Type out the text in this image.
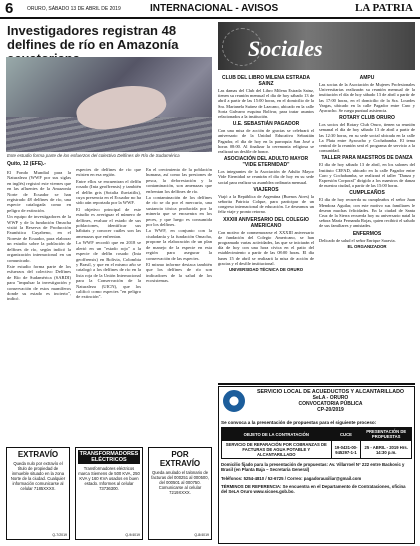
6	ORURO, SÁBADO 13 DE ABRIL DE 2019	INTERNACIONAL - AVISOS	LA PATRIA
Investigadores registran 48 delfines de río en Amazonía
Este estudio forma parte de los esfuerzos del colectivo Delfines de Río de Sudamérica
Quito, 12 (EFE).-

El Fondo Mundial para la Naturaleza (WWF por sus siglas en inglés) registró este viernes que en las afluentes de la Amazonía Norte de Ecuador se han registrado 48 delfines de río, una especie catalogada como en peligro de extinción.

Un equipo de investigadores de la WWF y de la fundación Omacha visitó la Reserva de Producción Faunística Cuyabeno, en el Noreste de Ecuador, para elaborar un estudio sobre la población de delfines de río, según indicó la organización internacional en un comunicado.

Este estudio forma parte de los esfuerzos del colectivo Delfines de Río de Sudamérica (SARDI) para "impulsar la investigación y conservación de estos mamíferos donde su estado es incierto", indicó.

especies de delfines de río que existen en esa región.

Entre ellos se encuentran el delfín rosado (Inia geoffrensis) y también el delfín gris (Sotalia fluviatilis), cuya presencia en el Ecuador no ha sido aún reportada por la WWF.

El objetivo principal de este estudio es averiguar el número de delfines, evaluar el estado de sus poblaciones, identificar sus hábitats y conocer cuáles son las amenazas que enfrentan.

La WWF recordó que en 2018 se alertó en un "estado rojo" a la especie de delfín rosado (Inia geoffrensis) en Bolivia, Colombia y Brasil, y que en el mismo año se catalogó a los delfines de río en la lista roja de la Unión Internacional para la Conservación de la Naturaleza (UICN), que los calificó como especies "en peligro de extinción".

En el crecimiento de la población humana, así como las presiones de pesca, la deforestación y la contaminación, son amenazas que enfrentan los delfines de río.

La contaminación de los delfines de río se da por el mercurio, una sustancia tóxica producida por la minería que se encuentra en los peces, y que luego es consumida por los delfines.

La WWF, en conjunto con la ciudadanía y la fundación Omacha, propone la elaboración de un plan de manejo de la especie en esta región para asegurar la conservación de las especies.

El mismo informe destaca también que los delfines de río son indicadores de la salud de los ecosistemas.

EXTRAVÍO
Queda nulo por extravío el título de propiedad de inmueble situado en la zona Norte de la ciudad. Cualquier información comunicarse al celular 7185XXXX.
Q-7/2019
TRANSFORMADORES ELÉCTRICOS
Transformadores eléctricos marca Siemens de 500 KVA, 250 KVA y 160 KVA usados en buen estado. Informes al celular 73736300.
Q-9/4019
POR EXTRAVÍO
Queda anulado el talonario de facturas del 000251 al 000500, del 000501 al 000750. Comunicarse al celular 7219XXXX.
Q-8/4019
Sociales
CLUB DEL LIBRO MILENA ESTRADA SAINZ
Las damas del Club del Libro Milena Estrada Sainz, tienen su reunión mensual el día de hoy sábado 13 de abril a partir de las 15:00 horas, en el domicilio de la Sra. Marianela Suárez de Lazcano, ubicado en la calle Soria Galvarro esquina Bolívar, para tratar asuntos relacionados a la institución.
U.E. SEBASTIÁN PAGADOR
Con una misa de acción de gracias se celebrará el aniversario de la Unidad Educativa Sebastián Pagador, el día de hoy en la parroquia San José a horas 08:00. Al finalizar la ceremonia religiosa se realizará un desfile de honor.
ASOCIACIÓN DEL ADULTO MAYOR "VIDE ETERNIDAD"
Los integrantes de la Asociación de Adulto Mayor Vide Eternidad se reunirán el día de hoy en su sede social para realizar su asamblea ordinaria mensual.
VIAJEROS
Viajó a la República de Argentina (Buenos Aires) la señorita Patricia Colque, para participar de un congreso internacional de educación. Le deseamos un feliz viaje y pronto retorno.
XXXIII ANIVERSARIO DEL COLEGIO AMERICANO
Con motivo de conmemorarse el XXXIII aniversario de fundación del Colegio Americano, se han programado varias actividades, las que se iniciarán el día de hoy con una hora cívica en el patio del establecimiento a partir de las 08:00 horas. El día lunes 15 de abril se realizará la misa de acción de gracias y el desfile institucional.
UNIVERSIDAD TÉCNICA DE ORURO
AMPU
Las socias de la Asociación de Mujeres Profesionales Universitarias realizarán su reunión mensual de la institución el día de hoy sábado 13 de abril a partir de las 17:00 horas, en el domicilio de la Sra. Lourdes Vargas, ubicado en la calle Pagador entre Caro y Ayacucho. Se ruega puntual asistencia.
ROTARY CLUB ORURO
Los socios del Rotary Club Oruro, tienen su reunión semanal el día de hoy sábado 13 de abril a partir de las 12:30 horas, en su sede social ubicada en la calle La Plata entre Ayacucho y Cochabamba. El tema central de la reunión será el programa de servicio a la comunidad.
TALLER PARA MAESTROS DE DANZA
El día de hoy sábado 13 de abril, en los salones del Instituto CEFAD, ubicado en la calle Pagador entre Caro y Cochabamba, se realizará el taller "Danza y Expresión Corporal" dirigido a los maestros de danza de nuestra ciudad, a partir de las 15:00 horas.
CUMPLEAÑOS
El día de hoy recuerda su cumpleaños el señor Juan Mendoza Aguilar, con este motivo sus familiares le desean muchas felicidades. En la ciudad de Santa Cruz de la Sierra recuerda hoy su aniversario natal la señora María Fernanda Rojas, quien recibirá el saludo de sus familiares y amistades.
ENFERMOS
Delicado de salud el señor Enrique Saravia.
EL ORGANIZADOR
SERVICIO LOCAL DE ACUEDUCTOS Y ALCANTARILLADO
SeLA - ORURO
CONVOCATORIA PÚBLICA
CP-20/2019
Se convoca a la presentación de propuestas para el siguiente proceso:
OBJETO DE LA CONTRATACIÓN	CUCE	PRESENTACIÓN DE PROPUESTAS
SERVICIO DE REPARACIÓN POR COBRANZAS DE FACTURAS DE AGUA POTABLE Y ALCANTARILLADO	19-0431-00-945297-1-1	25 - ABRIL - 2019 Hrs. 14:30 p.m.
Domicilio fijado para la presentación de propuestas: Av. Villarroel N° 222 entre Backovic y Brasil (en Planta Baja – Secretaría General)
Teléfonos: 5254-4810 / 52-6725 / Correo: pagadorauxiliar@gmail.com
TÉRMINOS DE REFERENCIA: Se encuentra en el Departamento de Contrataciones, oficina del SeLA Oruro www.sicoes.gob.bo.
